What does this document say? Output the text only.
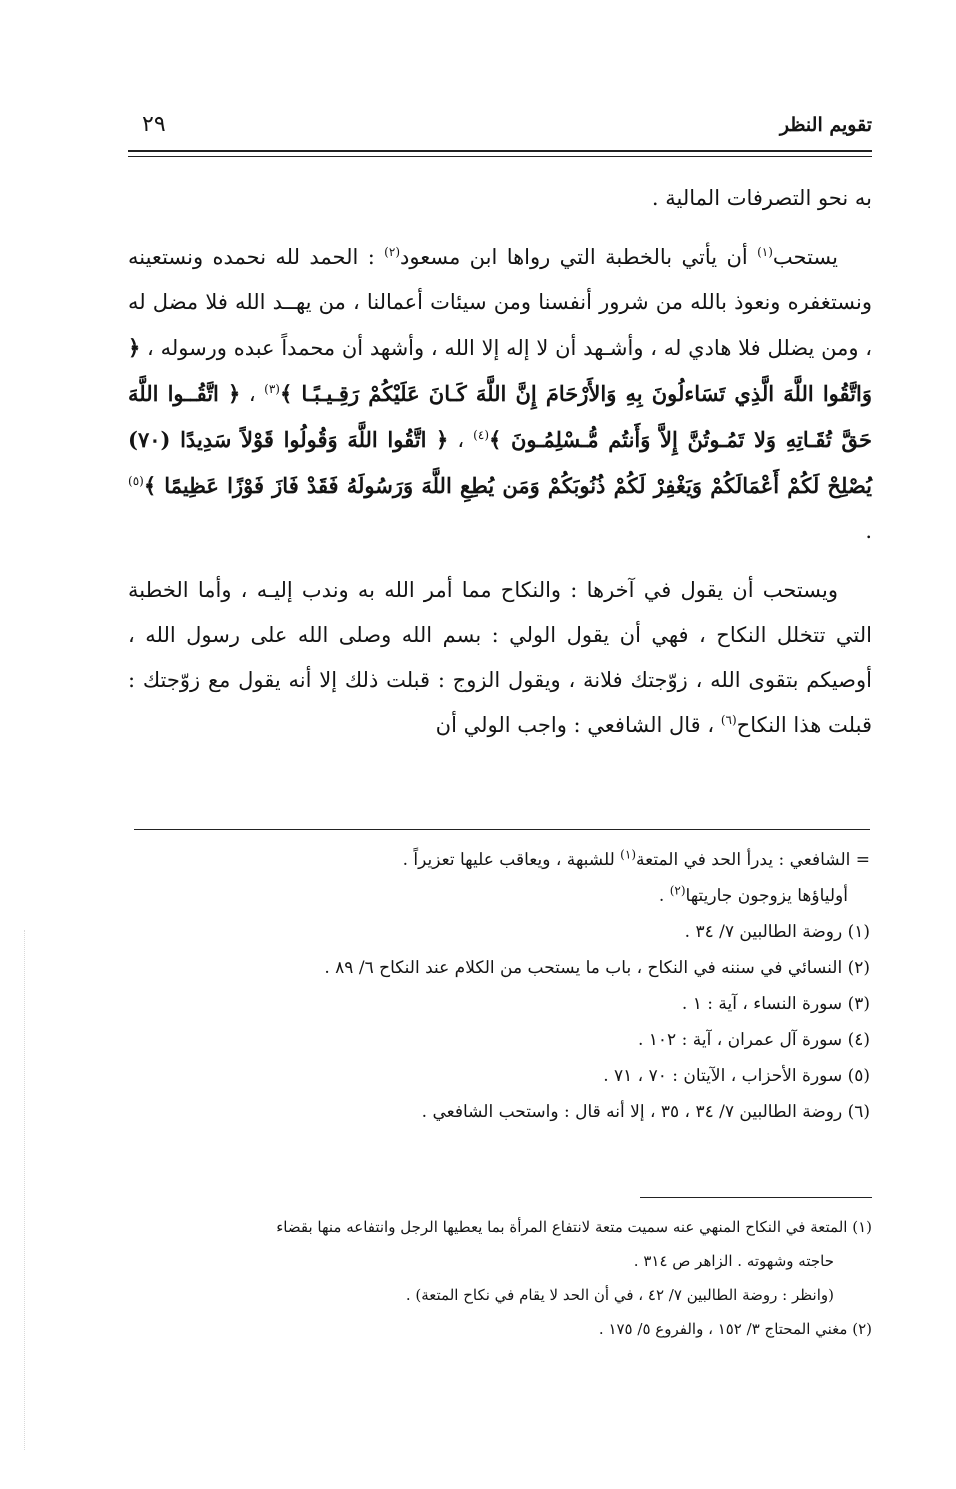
تقويم النظر
٢٩

به نحو التصرفات المالية .

يستحب$^{(١)}$ أن يأتي بالخطبة التي رواها ابن مسعود$^{(٢)}$ : الحمد لله نحمده ونستعينه ونستغفره ونعوذ بالله من شرور أنفسنا ومن سيئات أعمالنا ، من يهــد الله فلا مضل له ، ومن يضلل فلا هادي له ، وأشـهد أن لا إله إلا الله ، وأشهد أن محمداً عبده ورسوله ، ﴿ وَاتَّقُوا اللَّهَ الَّذِي تَسَاءلُونَ بِهِ وَالأَرْحَامَ إِنَّ اللَّهَ كَـانَ عَلَيْكُمْ رَقِـيـبًـا ﴾$^{(٣)}$ ، ﴿ اتَّقُــوا اللَّهَ حَقَّ تُقَـاتِهِ وَلا تَمُـوتُنَّ إِلاَّ وَأَنتُم مُّـسْلِمُـونَ ﴾$^{(٤)}$ ، ﴿ اتَّقُوا اللَّهَ وَقُولُوا قَوْلاً سَدِيدًا (٧٠) يُصْلِحْ لَكُمْ أَعْمَالَكُمْ وَيَغْفِرْ لَكُمْ ذُنُوبَكُمْ وَمَن يُطِعِ اللَّهَ وَرَسُولَهُ فَقَدْ فَازَ فَوْزًا عَظِيمًا ﴾$^{(٥)}$ .

ويستحب أن يقول في آخرها : والنكاح مما أمر الله به وندب إليـه ، وأما الخطبة التي تتخلل النكاح ، فهي أن يقول الولي : بسم الله وصلى الله على رسول الله ، أوصيكم بتقوى الله ، زوّجتك فلانة ، ويقول الزوج : قبلت ذلك إلا أنه يقول مع زوّجتك : قبلت هذا النكاح$^{(٦)}$ ، قال الشافعي : واجب الولي أن

= الشافعي : يدرأ الحد في المتعة$^{(١)}$ للشبهة ، ويعاقب عليها تعزيراً .

أولياؤها يزوجون جاريتها$^{(٢)}$ .

(١) روضة الطالبين ٧/ ٣٤ .

(٢) النسائي في سننه في النكاح ، باب ما يستحب من الكلام عند النكاح ٦/ ٨٩ .

(٣) سورة النساء ، آية : ١ .

(٤) سورة آل عمران ، آية : ١٠٢ .

(٥) سورة الأحزاب ، الآيتان : ٧٠ ، ٧١ .

(٦) روضة الطالبين ٧/ ٣٤ ، ٣٥ ، إلا أنه قال : واستحب الشافعي .

(١) المتعة في النكاح المنهي عنه سميت متعة لانتفاع المرأة بما يعطيها الرجل وانتفاعه منها بقضاء

حاجته وشهوته . الزاهر ص ٣١٤ .

(وانظر : روضة الطالبين ٧/ ٤٢ ، في أن الحد لا يقام في نكاح المتعة) .

(٢) مغني المحتاج ٣/ ١٥٢ ، والفروع ٥/ ١٧٥ .
